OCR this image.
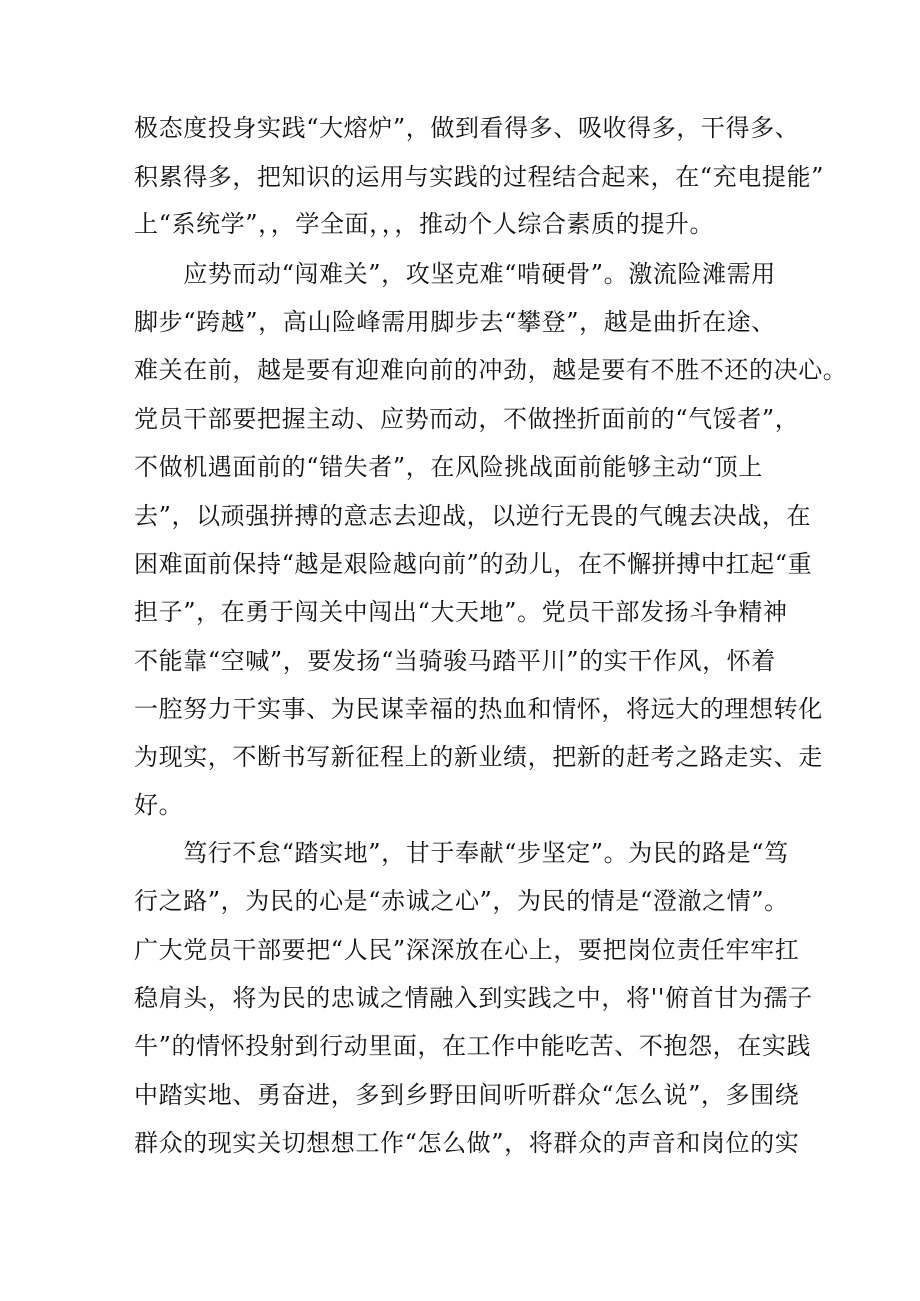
极态度投身实践“大熔炉”，做到看得多、吸收得多，干得多、
积累得多，把知识的运用与实践的过程结合起来，在“充电提能”
上“系统学”，，学全面，，，推动个人综合素质的提升。
　　应势而动“闯难关”，攻坚克难“啃硬骨”。激流险滩需用
脚步“跨越”，高山险峰需用脚步去“攀登”，越是曲折在途、
难关在前，越是要有迎难向前的冲劲，越是要有不胜不还的决心。
党员干部要把握主动、应势而动，不做挫折面前的“气馁者”，
不做机遇面前的“错失者”，在风险挑战面前能够主动“顶上
去”，以顽强拼搏的意志去迎战，以逆行无畏的气魄去决战，在
困难面前保持“越是艰险越向前”的劲儿，在不懈拼搏中扛起“重
担子”，在勇于闯关中闯出“大天地”。党员干部发扬斗争精神
不能靠“空喊”，要发扬“当骑骏马踏平川”的实干作风，怀着
一腔努力干实事、为民谋幸福的热血和情怀，将远大的理想转化
为现实，不断书写新征程上的新业绩，把新的赶考之路走实、走
好。
　　笃行不怠“踏实地”，甘于奉献“步坚定”。为民的路是“笃
行之路”，为民的心是“赤诚之心”，为民的情是“澄澈之情”。
广大党员干部要把“人民”深深放在心上，要把岗位责任牢牢扛
稳肩头，将为民的忠诚之情融入到实践之中，将''俯首甘为孺子
牛”的情怀投射到行动里面，在工作中能吃苦、不抱怨，在实践
中踏实地、勇奋进，多到乡野田间听听群众“怎么说”，多围绕
群众的现实关切想想工作“怎么做”，将群众的声音和岗位的实
